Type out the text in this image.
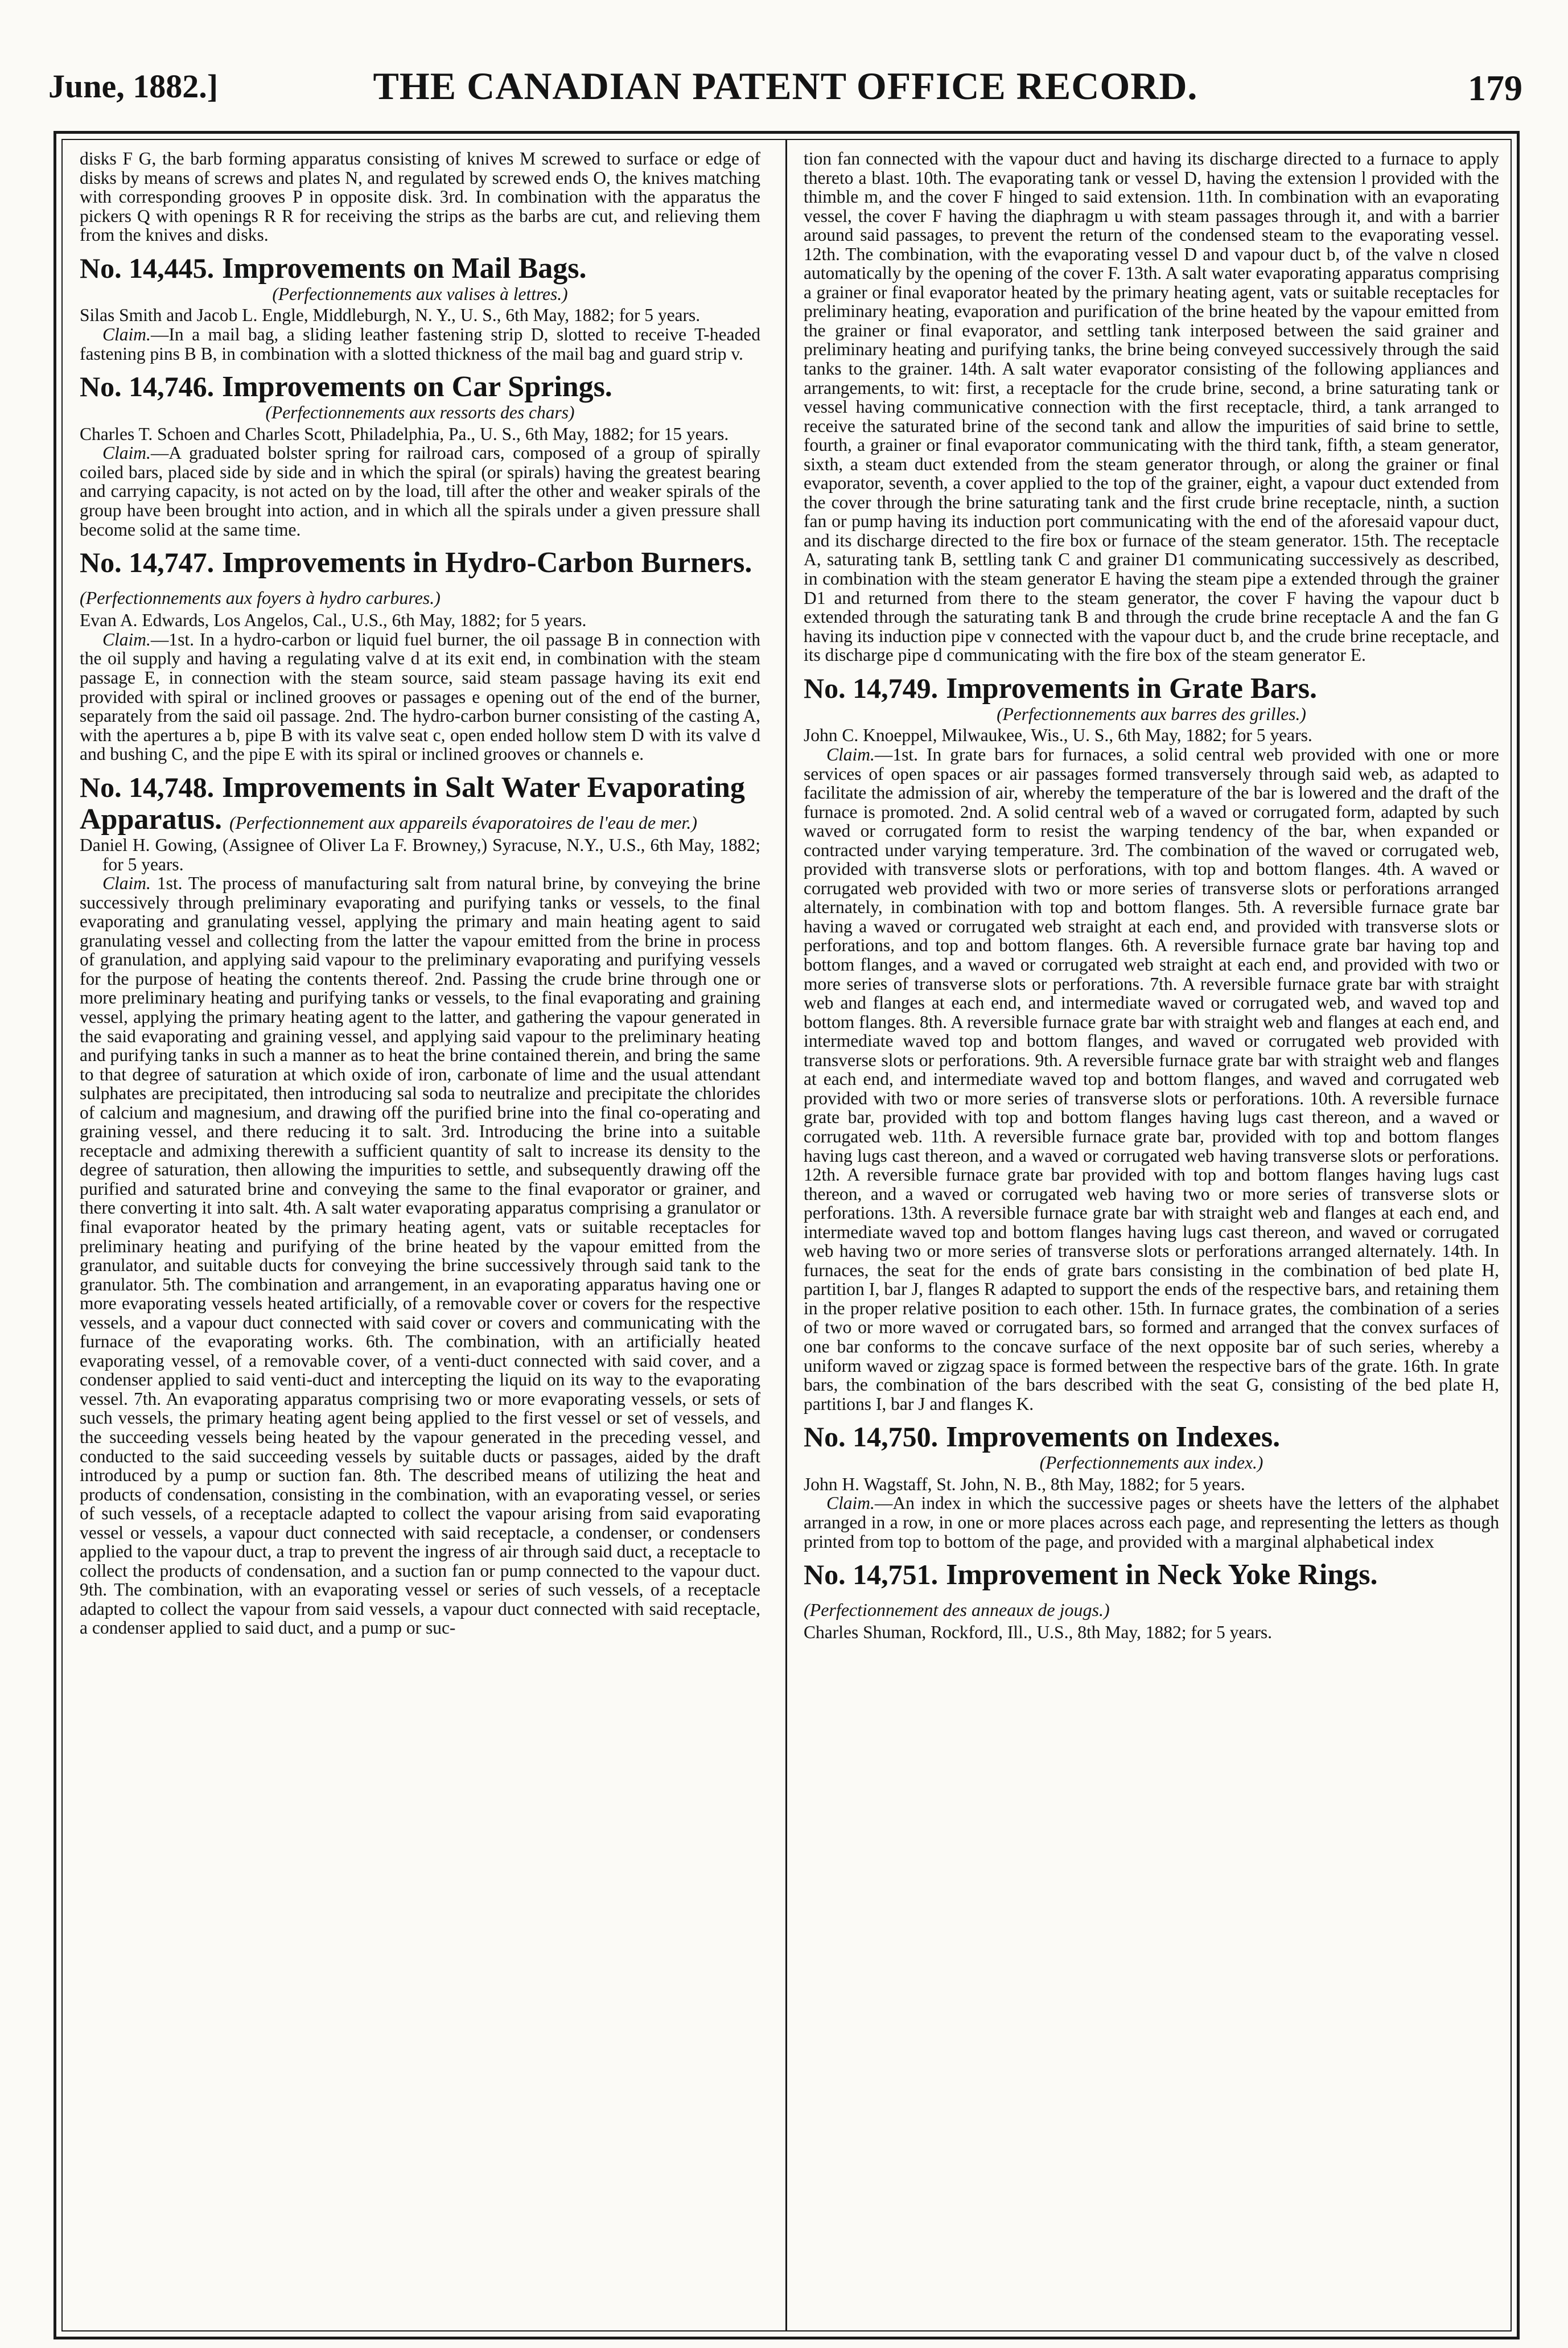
June, 1882.]	THE CANADIAN PATENT OFFICE RECORD.	179

disks F G, the barb forming apparatus consisting of knives M screwed to surface or edge of disks by means of screws and plates N, and regulated by screwed ends O, the knives matching with corresponding grooves P in opposite disk. 3rd. In combination with the apparatus the pickers Q with openings R R for receiving the strips as the barbs are cut, and relieving them from the knives and disks.

No. 14,445. Improvements on Mail Bags.

(Perfectionnements aux valises à lettres.)

Silas Smith and Jacob L. Engle, Middleburgh, N. Y., U. S., 6th May, 1882; for 5 years.

Claim.—In a mail bag, a sliding leather fastening strip D, slotted to receive T-headed fastening pins B B, in combination with a slotted thickness of the mail bag and guard strip v.

No. 14,746. Improvements on Car Springs.

(Perfectionnements aux ressorts des chars)

Charles T. Schoen and Charles Scott, Philadelphia, Pa., U. S., 6th May, 1882; for 15 years.

Claim.—A graduated bolster spring for railroad cars, composed of a group of spirally coiled bars, placed side by side and in which the spiral (or spirals) having the greatest bearing and carrying capacity, is not acted on by the load, till after the other and weaker spirals of the group have been brought into action, and in which all the spirals under a given pressure shall become solid at the same time.

No. 14,747. Improvements in Hydro-Carbon Burners. (Perfectionnements aux foyers à hydro carbures.)

Evan A. Edwards, Los Angelos, Cal., U.S., 6th May, 1882; for 5 years.

Claim.—1st. In a hydro-carbon or liquid fuel burner, the oil passage B in connection with the oil supply and having a regulating valve d at its exit end, in combination with the steam passage E, in connection with the steam source, said steam passage having its exit end provided with spiral or inclined grooves or passages e opening out of the end of the burner, separately from the said oil passage. 2nd. The hydro-carbon burner consisting of the casting A, with the apertures a b, pipe B with its valve seat c, open ended hollow stem D with its valve d and bushing C, and the pipe E with its spiral or inclined grooves or channels e.

No. 14,748. Improvements in Salt Water Evaporating Apparatus. (Perfectionnement aux appareils évaporatoires de l'eau de mer.)

Daniel H. Gowing, (Assignee of Oliver La F. Browney,) Syracuse, N.Y., U.S., 6th May, 1882; for 5 years.

Claim. 1st. The process of manufacturing salt from natural brine, by conveying the brine successively through preliminary evaporating and purifying tanks or vessels, to the final evaporating and granulating vessel, applying the primary and main heating agent to said granulating vessel and collecting from the latter the vapour emitted from the brine in process of granulation, and applying said vapour to the preliminary evaporating and purifying vessels for the purpose of heating the contents thereof. 2nd. Passing the crude brine through one or more preliminary heating and purifying tanks or vessels, to the final evaporating and graining vessel, applying the primary heating agent to the latter, and gathering the vapour generated in the said evaporating and graining vessel, and applying said vapour to the preliminary heating and purifying tanks in such a manner as to heat the brine contained therein, and bring the same to that degree of saturation at which oxide of iron, carbonate of lime and the usual attendant sulphates are precipitated, then introducing sal soda to neutralize and precipitate the chlorides of calcium and magnesium, and drawing off the purified brine into the final co-operating and graining vessel, and there reducing it to salt. 3rd. Introducing the brine into a suitable receptacle and admixing therewith a sufficient quantity of salt to increase its density to the degree of saturation, then allowing the impurities to settle, and subsequently drawing off the purified and saturated brine and conveying the same to the final evaporator or grainer, and there converting it into salt. 4th. A salt water evaporating apparatus comprising a granulator or final evaporator heated by the primary heating agent, vats or suitable receptacles for preliminary heating and purifying of the brine heated by the vapour emitted from the granulator, and suitable ducts for conveying the brine successively through said tank to the granulator. 5th. The combination and arrangement, in an evaporating apparatus having one or more evaporating vessels heated artificially, of a removable cover or covers for the respective vessels, and a vapour duct connected with said cover or covers and communicating with the furnace of the evaporating works. 6th. The combination, with an artificially heated evaporating vessel, of a removable cover, of a venti-duct connected with said cover, and a condenser applied to said venti-duct and intercepting the liquid on its way to the evaporating vessel. 7th. An evaporating apparatus comprising two or more evaporating vessels, or sets of such vessels, the primary heating agent being applied to the first vessel or set of vessels, and the succeeding vessels being heated by the vapour generated in the preceding vessel, and conducted to the said succeeding vessels by suitable ducts or passages, aided by the draft introduced by a pump or suction fan. 8th. The described means of utilizing the heat and products of condensation, consisting in the combination, with an evaporating vessel, or series of such vessels, of a receptacle adapted to collect the vapour arising from said evaporating vessel or vessels, a vapour duct connected with said receptacle, a condenser, or condensers applied to the vapour duct, a trap to prevent the ingress of air through said duct, a receptacle to collect the products of condensation, and a suction fan or pump connected to the vapour duct. 9th. The combination, with an evaporating vessel or series of such vessels, of a receptacle adapted to collect the vapour from said vessels, a vapour duct connected with said receptacle, a condenser applied to said duct, and a pump or suc-

tion fan connected with the vapour duct and having its discharge directed to a furnace to apply thereto a blast. 10th. The evaporating tank or vessel D, having the extension l provided with the thimble m, and the cover F hinged to said extension. 11th. In combination with an evaporating vessel, the cover F having the diaphragm u with steam passages through it, and with a barrier around said passages, to prevent the return of the condensed steam to the evaporating vessel. 12th. The combination, with the evaporating vessel D and vapour duct b, of the valve n closed automatically by the opening of the cover F. 13th. A salt water evaporating apparatus comprising a grainer or final evaporator heated by the primary heating agent, vats or suitable receptacles for preliminary heating, evaporation and purification of the brine heated by the vapour emitted from the grainer or final evaporator, and settling tank interposed between the said grainer and preliminary heating and purifying tanks, the brine being conveyed successively through the said tanks to the grainer. 14th. A salt water evaporator consisting of the following appliances and arrangements, to wit: first, a receptacle for the crude brine, second, a brine saturating tank or vessel having communicative connection with the first receptacle, third, a tank arranged to receive the saturated brine of the second tank and allow the impurities of said brine to settle, fourth, a grainer or final evaporator communicating with the third tank, fifth, a steam generator, sixth, a steam duct extended from the steam generator through, or along the grainer or final evaporator, seventh, a cover applied to the top of the grainer, eight, a vapour duct extended from the cover through the brine saturating tank and the first crude brine receptacle, ninth, a suction fan or pump having its induction port communicating with the end of the aforesaid vapour duct, and its discharge directed to the fire box or furnace of the steam generator. 15th. The receptacle A, saturating tank B, settling tank C and grainer D1 communicating successively as described, in combination with the steam generator E having the steam pipe a extended through the grainer D1 and returned from there to the steam generator, the cover F having the vapour duct b extended through the saturating tank B and through the crude brine receptacle A and the fan G having its induction pipe v connected with the vapour duct b, and the crude brine receptacle, and its discharge pipe d communicating with the fire box of the steam generator E.

No. 14,749. Improvements in Grate Bars.

(Perfectionnements aux barres des grilles.)

John C. Knoeppel, Milwaukee, Wis., U. S., 6th May, 1882; for 5 years.

Claim.—1st. In grate bars for furnaces, a solid central web provided with one or more services of open spaces or air passages formed transversely through said web, as adapted to facilitate the admission of air, whereby the temperature of the bar is lowered and the draft of the furnace is promoted. 2nd. A solid central web of a waved or corrugated form, adapted by such waved or corrugated form to resist the warping tendency of the bar, when expanded or contracted under varying temperature. 3rd. The combination of the waved or corrugated web, provided with transverse slots or perforations, with top and bottom flanges. 4th. A waved or corrugated web provided with two or more series of transverse slots or perforations arranged alternately, in combination with top and bottom flanges. 5th. A reversible furnace grate bar having a waved or corrugated web straight at each end, and provided with transverse slots or perforations, and top and bottom flanges. 6th. A reversible furnace grate bar having top and bottom flanges, and a waved or corrugated web straight at each end, and provided with two or more series of transverse slots or perforations. 7th. A reversible furnace grate bar with straight web and flanges at each end, and intermediate waved or corrugated web, and waved top and bottom flanges. 8th. A reversible furnace grate bar with straight web and flanges at each end, and intermediate waved top and bottom flanges, and waved or corrugated web provided with transverse slots or perforations. 9th. A reversible furnace grate bar with straight web and flanges at each end, and intermediate waved top and bottom flanges, and waved and corrugated web provided with two or more series of transverse slots or perforations. 10th. A reversible furnace grate bar, provided with top and bottom flanges having lugs cast thereon, and a waved or corrugated web. 11th. A reversible furnace grate bar, provided with top and bottom flanges having lugs cast thereon, and a waved or corrugated web having transverse slots or perforations. 12th. A reversible furnace grate bar provided with top and bottom flanges having lugs cast thereon, and a waved or corrugated web having two or more series of transverse slots or perforations. 13th. A reversible furnace grate bar with straight web and flanges at each end, and intermediate waved top and bottom flanges having lugs cast thereon, and waved or corrugated web having two or more series of transverse slots or perforations arranged alternately. 14th. In furnaces, the seat for the ends of grate bars consisting in the combination of bed plate H, partition I, bar J, flanges R adapted to support the ends of the respective bars, and retaining them in the proper relative position to each other. 15th. In furnace grates, the combination of a series of two or more waved or corrugated bars, so formed and arranged that the convex surfaces of one bar conforms to the concave surface of the next opposite bar of such series, whereby a uniform waved or zigzag space is formed between the respective bars of the grate. 16th. In grate bars, the combination of the bars described with the seat G, consisting of the bed plate H, partitions I, bar J and flanges K.

No. 14,750. Improvements on Indexes.

(Perfectionnements aux index.)

John H. Wagstaff, St. John, N. B., 8th May, 1882; for 5 years.

Claim.—An index in which the successive pages or sheets have the letters of the alphabet arranged in a row, in one or more places across each page, and representing the letters as though printed from top to bottom of the page, and provided with a marginal alphabetical index

No. 14,751. Improvement in Neck Yoke Rings. (Perfectionnement des anneaux de jougs.)

Charles Shuman, Rockford, Ill., U.S., 8th May, 1882; for 5 years.
